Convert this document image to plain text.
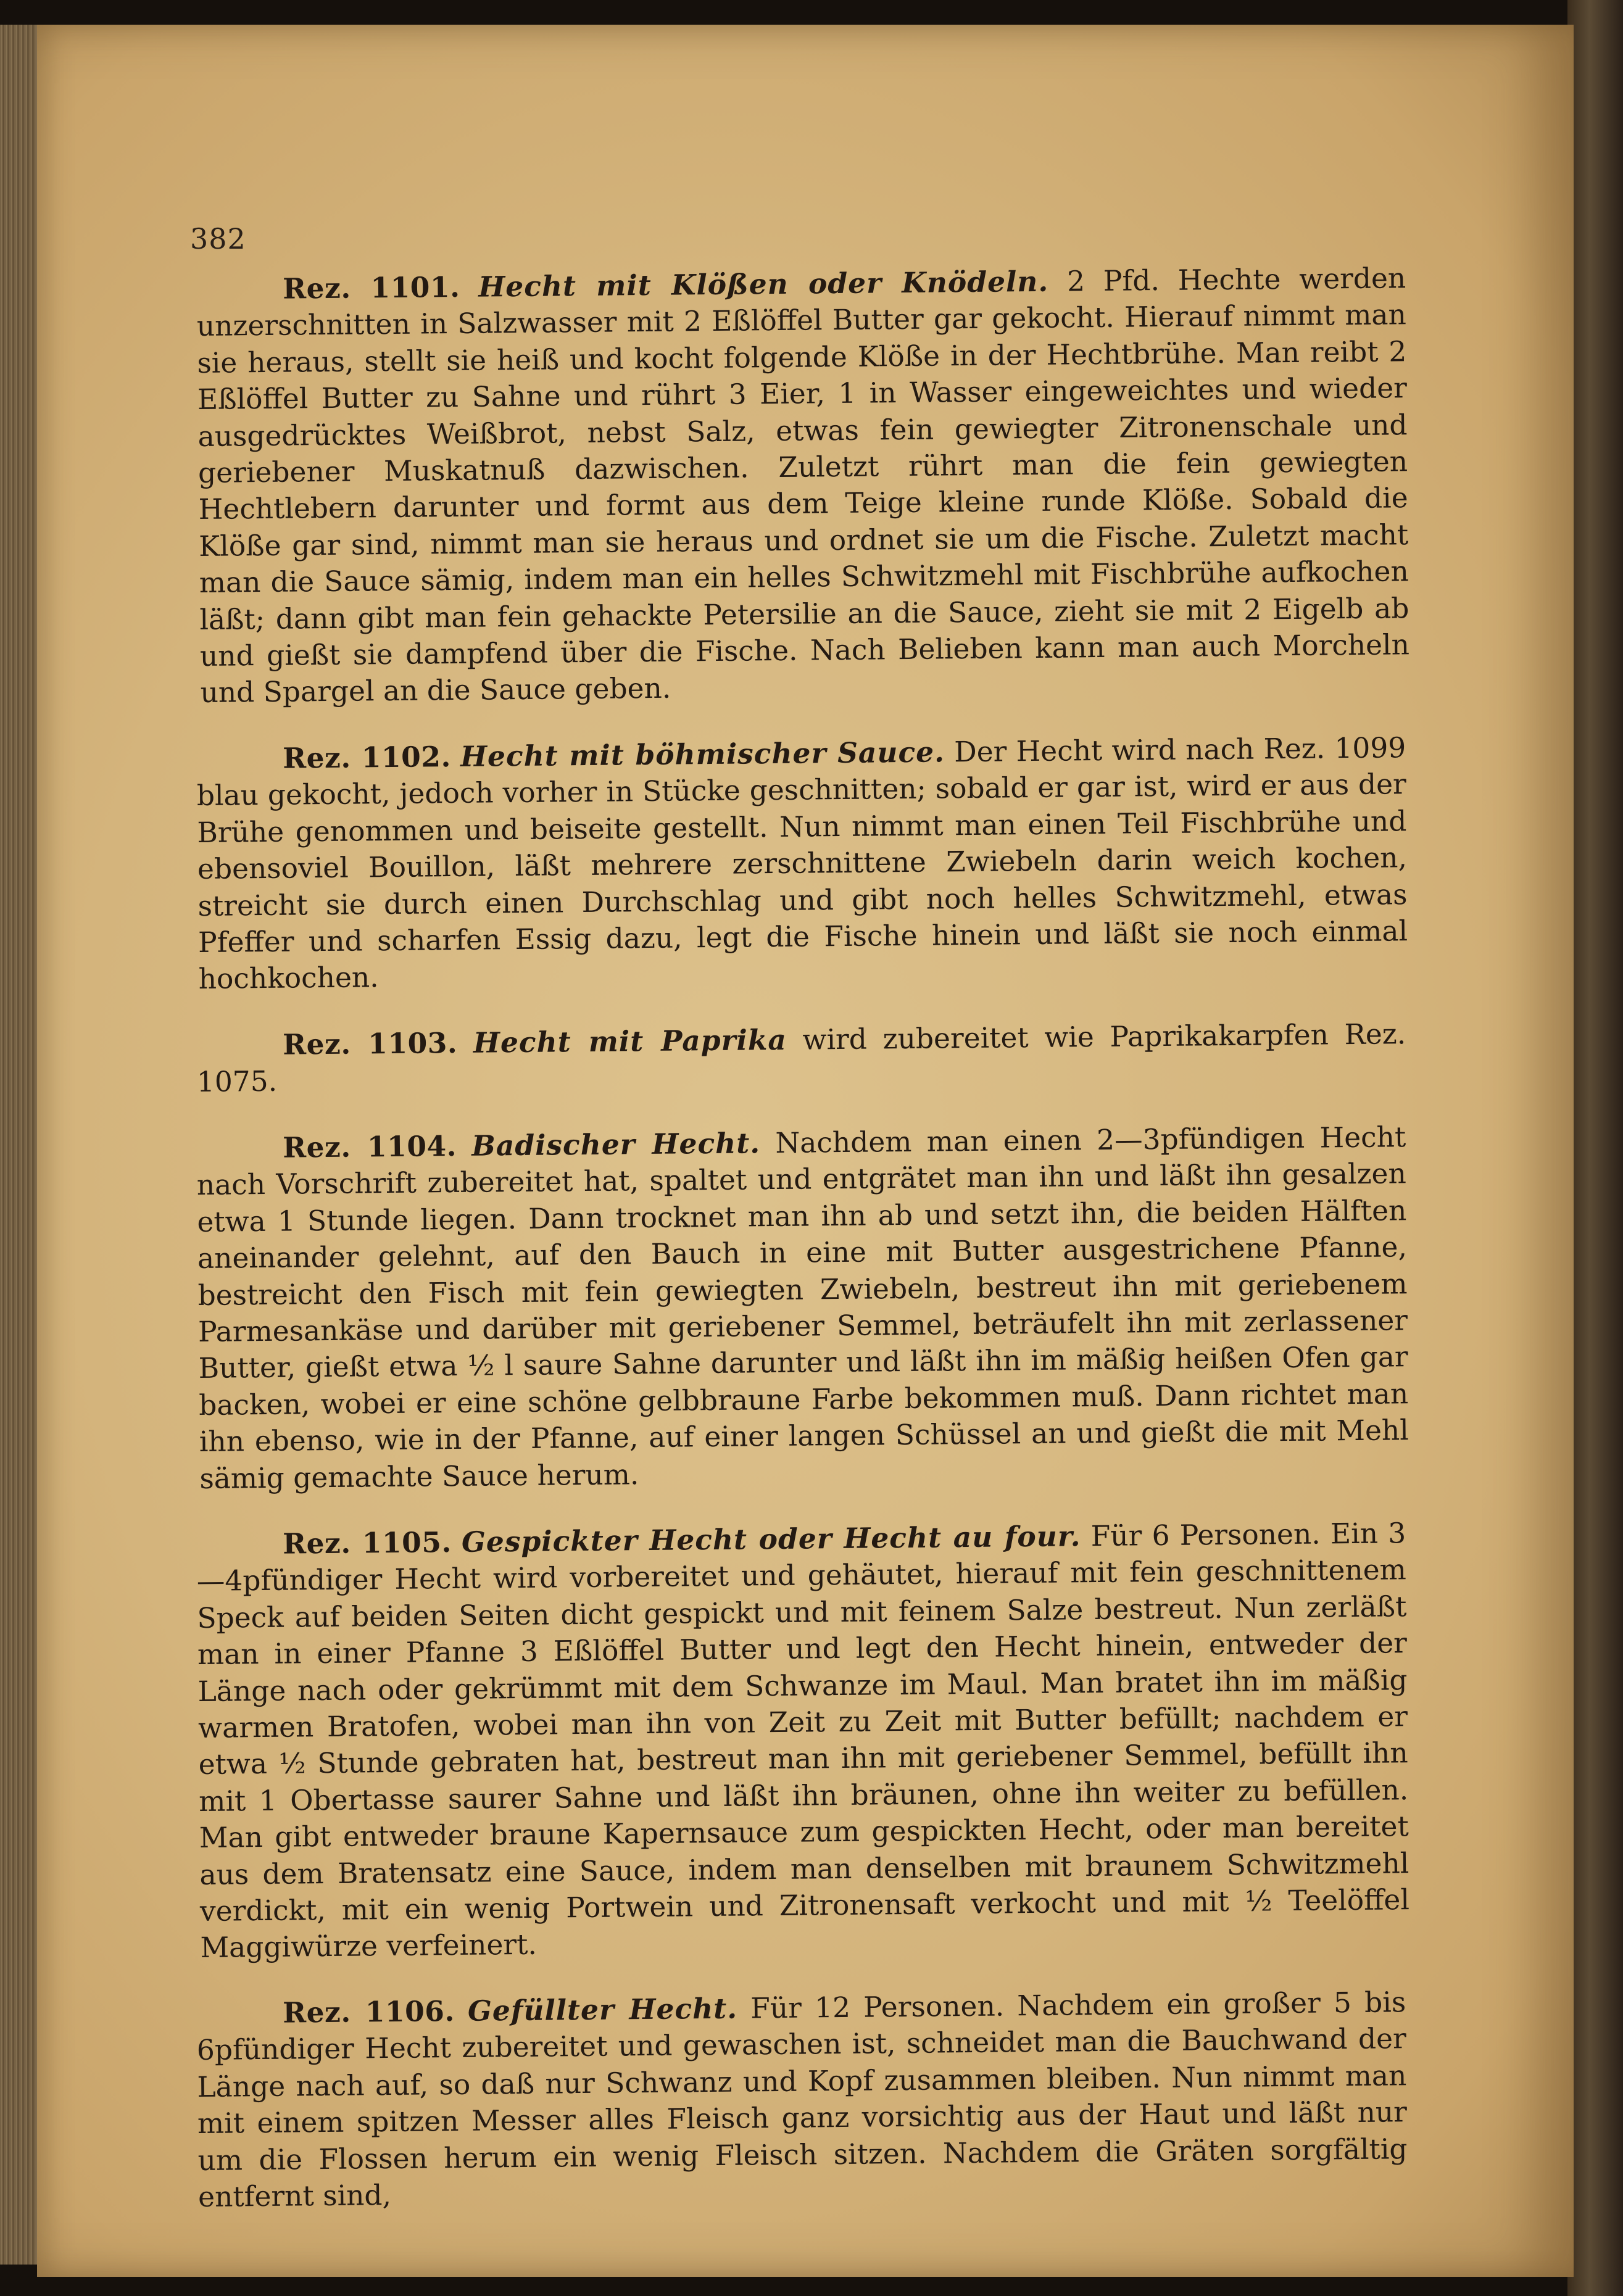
382

Rez. 1101. Hecht mit Klößen oder Knödeln. 2 Pfd. Hechte werden unzerschnitten in Salzwasser mit 2 Eßlöffel Butter gar gekocht. Hierauf nimmt man sie heraus, stellt sie heiß und kocht folgende Klöße in der Hechtbrühe. Man reibt 2 Eßlöffel Butter zu Sahne und rührt 3 Eier, 1 in Wasser eingeweichtes und wieder ausgedrücktes Weißbrot, nebst Salz, etwas fein gewiegter Zitronenschale und geriebener Muskatnuß dazwischen. Zuletzt rührt man die fein gewiegten Hechtlebern darunter und formt aus dem Teige kleine runde Klöße. Sobald die Klöße gar sind, nimmt man sie heraus und ordnet sie um die Fische. Zuletzt macht man die Sauce sämig, indem man ein helles Schwitzmehl mit Fischbrühe aufkochen läßt; dann gibt man fein gehackte Petersilie an die Sauce, zieht sie mit 2 Eigelb ab und gießt sie dampfend über die Fische. Nach Belieben kann man auch Morcheln und Spargel an die Sauce geben.

Rez. 1102. Hecht mit böhmischer Sauce. Der Hecht wird nach Rez. 1099 blau gekocht, jedoch vorher in Stücke geschnitten; sobald er gar ist, wird er aus der Brühe genommen und beiseite gestellt. Nun nimmt man einen Teil Fischbrühe und ebensoviel Bouillon, läßt mehrere zerschnittene Zwiebeln darin weich kochen, streicht sie durch einen Durchschlag und gibt noch helles Schwitzmehl, etwas Pfeffer und scharfen Essig dazu, legt die Fische hinein und läßt sie noch einmal hochkochen.

Rez. 1103. Hecht mit Paprika wird zubereitet wie Paprikakarpfen Rez. 1075.

Rez. 1104. Badischer Hecht. Nachdem man einen 2—3pfündigen Hecht nach Vorschrift zubereitet hat, spaltet und entgrätet man ihn und läßt ihn gesalzen etwa 1 Stunde liegen. Dann trocknet man ihn ab und setzt ihn, die beiden Hälften aneinander gelehnt, auf den Bauch in eine mit Butter ausgestrichene Pfanne, bestreicht den Fisch mit fein gewiegten Zwiebeln, bestreut ihn mit geriebenem Parmesankäse und darüber mit geriebener Semmel, beträufelt ihn mit zerlassener Butter, gießt etwa ½ l saure Sahne darunter und läßt ihn im mäßig heißen Ofen gar backen, wobei er eine schöne gelbbraune Farbe bekommen muß. Dann richtet man ihn ebenso, wie in der Pfanne, auf einer langen Schüssel an und gießt die mit Mehl sämig gemachte Sauce herum.

Rez. 1105. Gespickter Hecht oder Hecht au four. Für 6 Personen. Ein 3—4pfündiger Hecht wird vorbereitet und gehäutet, hierauf mit fein geschnittenem Speck auf beiden Seiten dicht gespickt und mit feinem Salze bestreut. Nun zerläßt man in einer Pfanne 3 Eßlöffel Butter und legt den Hecht hinein, entweder der Länge nach oder gekrümmt mit dem Schwanze im Maul. Man bratet ihn im mäßig warmen Bratofen, wobei man ihn von Zeit zu Zeit mit Butter befüllt; nachdem er etwa ½ Stunde gebraten hat, bestreut man ihn mit geriebener Semmel, befüllt ihn mit 1 Obertasse saurer Sahne und läßt ihn bräunen, ohne ihn weiter zu befüllen. Man gibt entweder braune Kapernsauce zum gespickten Hecht, oder man bereitet aus dem Bratensatz eine Sauce, indem man denselben mit braunem Schwitzmehl verdickt, mit ein wenig Portwein und Zitronensaft verkocht und mit ½ Teelöffel Maggiwürze verfeinert.

Rez. 1106. Gefüllter Hecht. Für 12 Personen. Nachdem ein großer 5 bis 6pfündiger Hecht zubereitet und gewaschen ist, schneidet man die Bauchwand der Länge nach auf, so daß nur Schwanz und Kopf zusammen bleiben. Nun nimmt man mit einem spitzen Messer alles Fleisch ganz vorsichtig aus der Haut und läßt nur um die Flossen herum ein wenig Fleisch sitzen. Nachdem die Gräten sorgfältig entfernt sind,
